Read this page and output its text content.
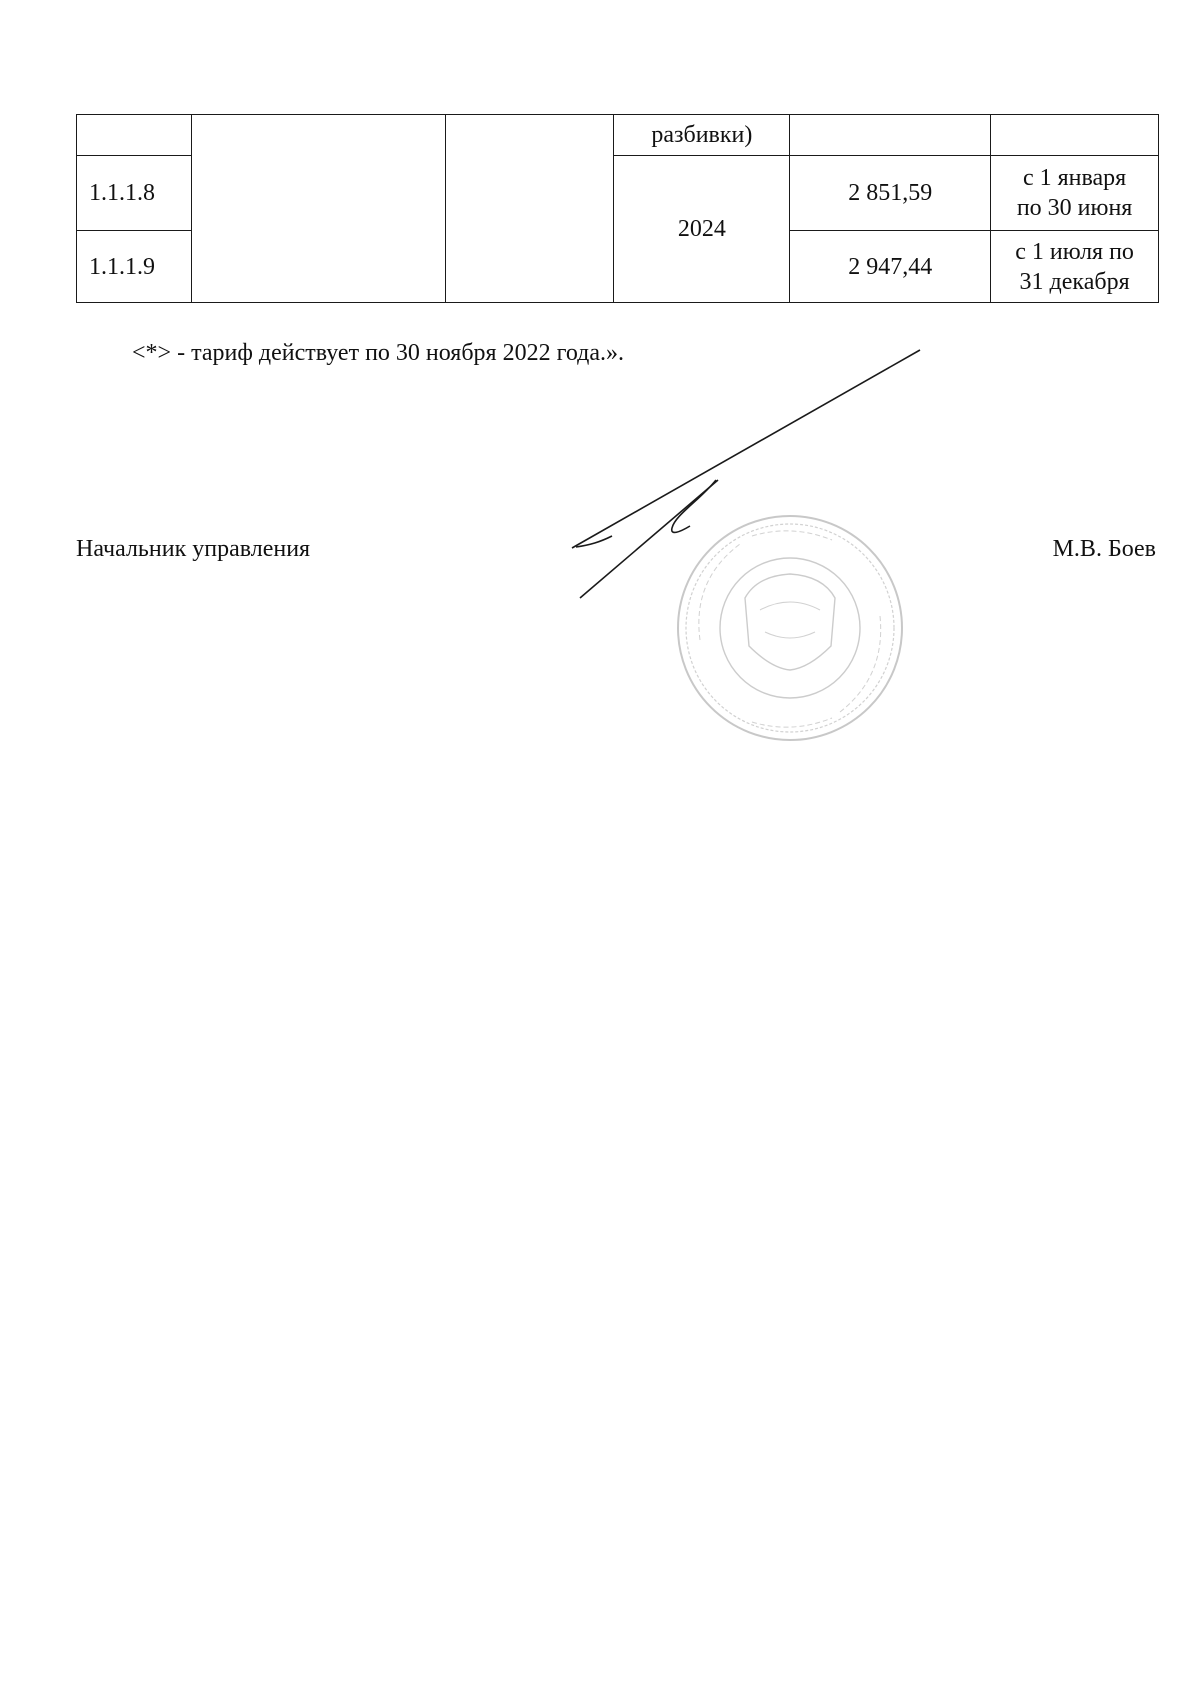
			разбивки)		
1.1.1.8			2024	2 851,59	с 1 января
по 30 июня

1.1.1.9				2 947,44	с 1 июля по
31 декабря
<*> - тариф действует по 30 ноября 2022 года.».
Начальник управления	М.В. Боев
